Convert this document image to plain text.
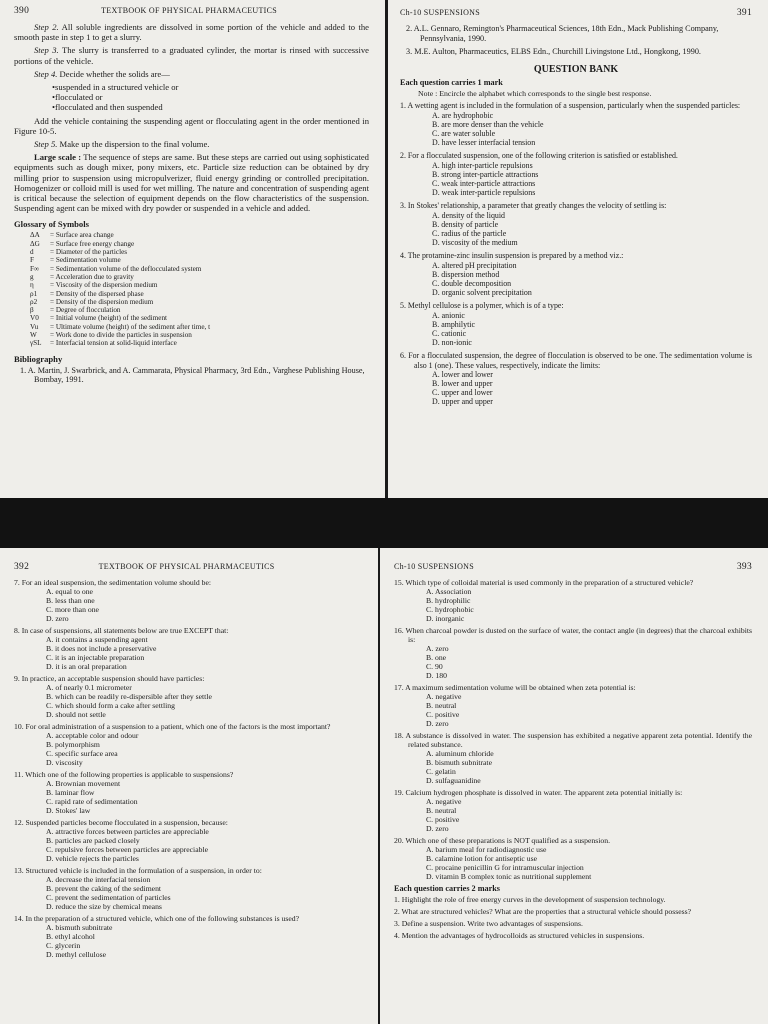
390	TEXTBOOK OF PHYSICAL PHARMACEUTICS

Step 2. All soluble ingredients are dissolved in some portion of the vehicle and added to the smooth paste in step 1 to get a slurry.

Step 3. The slurry is transferred to a graduated cylinder, the mortar is rinsed with successive portions of the vehicle.

Step 4. Decide whether the solids are—

• suspended in a structured vehicle or
• flocculated or
• flocculated and then suspended

Add the vehicle containing the suspending agent or flocculating agent in the order mentioned in Figure 10-5.

Step 5. Make up the dispersion to the final volume.

Large scale : The sequence of steps are same. But these steps are carried out using sophisticated equipments such as dough mixer, pony mixers, etc. Particle size reduction can be obtained by dry milling prior to suspension using micropulverizer, fluid energy grinding or controlled precipitation. Homogenizer or colloid mill is used for wet milling. The nature and concentration of suspending agent is critical because the selection of equipment depends on the flow characteristics of the suspension. Suspending agent can be mixed with dry powder or suspended in a vehicle and added.

Glossary of Symbols
ΔA	= Surface area change
ΔG	= Surface free energy change
d	= Diameter of the particles
F	= Sedimentation volume
F∞	= Sedimentation volume of the deflocculated system
g	= Acceleration due to gravity
η	= Viscosity of the dispersion medium
ρ1	= Density of the dispersed phase
ρ2	= Density of the dispersion medium
β	= Degree of flocculation
V0	= Initial volume (height) of the sediment
Vu	= Ultimate volume (height) of the sediment after time, t
W	= Work done to divide the particles in suspension
γSL	= Interfacial tension at solid-liquid interface
Bibliography
1. A. Martin, J. Swarbrick, and A. Cammarata, Physical Pharmacy, 3rd Edn., Varghese Publishing House, Bombay, 1991.
Ch-10 SUSPENSIONS	391
2. A.L. Gennaro, Remington's Pharmaceutical Sciences, 18th Edn., Mack Publishing Company, Pennsylvania, 1990.
3. M.E. Aulton, Pharmaceutics, ELBS Edn., Churchill Livingstone Ltd., Hongkong, 1990.
QUESTION BANK
Each question carries 1 mark
Note : Encircle the alphabet which corresponds to the single best response.
1. A wetting agent is included in the formulation of a suspension, particularly when the suspended particles:
A. are hydrophobic
B. are more denser than the vehicle
C. are water soluble
D. have lesser interfacial tension
2. For a flocculated suspension, one of the following criterion is satisfied or established.
A. high inter-particle repulsions
B. strong inter-particle attractions
C. weak inter-particle attractions
D. weak inter-particle repulsions
3. In Stokes' relationship, a parameter that greatly changes the velocity of settling is:
A. density of the liquid
B. density of particle
C. radius of the particle
D. viscosity of the medium
4. The protamine-zinc insulin suspension is prepared by a method viz.:
A. altered pH precipitation
B. dispersion method
C. double decomposition
D. organic solvent precipitation
5. Methyl cellulose is a polymer, which is of a type:
A. anionic
B. amphilytic
C. cationic
D. non-ionic
6. For a flocculated suspension, the degree of flocculation is observed to be one. The sedimentation volume is also 1 (one). These values, respectively, indicate the limits:
A. lower and lower
B. lower and upper
C. upper and lower
D. upper and upper
392	TEXTBOOK OF PHYSICAL PHARMACEUTICS
7. For an ideal suspension, the sedimentation volume should be:
A. equal to one
B. less than one
C. more than one
D. zero
8. In case of suspensions, all statements below are true EXCEPT that:
A. it contains a suspending agent
B. it does not include a preservative
C. it is an injectable preparation
D. it is an oral preparation
9. In practice, an acceptable suspension should have particles:
A. of nearly 0.1 micrometer
B. which can be readily re-dispersible after they settle
C. which should form a cake after settling
D. should not settle
10. For oral administration of a suspension to a patient, which one of the factors is the most important?
A. acceptable color and odour
B. polymorphism
C. specific surface area
D. viscosity
11. Which one of the following properties is applicable to suspensions?
A. Brownian movement
B. laminar flow
C. rapid rate of sedimentation
D. Stokes' law
12. Suspended particles become flocculated in a suspension, because:
A. attractive forces between particles are appreciable
B. particles are packed closely
C. repulsive forces between particles are appreciable
D. vehicle rejects the particles
13. Structured vehicle is included in the formulation of a suspension, in order to:
A. decrease the interfacial tension
B. prevent the caking of the sediment
C. prevent the sedimentation of particles
D. reduce the size by chemical means
14. In the preparation of a structured vehicle, which one of the following substances is used?
A. bismuth subnitrate
B. ethyl alcohol
C. glycerin
D. methyl cellulose
Ch-10 SUSPENSIONS	393
15. Which type of colloidal material is used commonly in the preparation of a structured vehicle?
A. Association
B. hydrophilic
C. hydrophobic
D. inorganic
16. When charcoal powder is dusted on the surface of water, the contact angle (in degrees) that the charcoal exhibits is:
A. zero
B. one
C. 90
D. 180
17. A maximum sedimentation volume will be obtained when zeta potential is:
A. negative
B. neutral
C. positive
D. zero
18. A substance is dissolved in water. The suspension has exhibited a negative apparent zeta potential. Identify the related substance.
A. aluminum chloride
B. bismuth subnitrate
C. gelatin
D. sulfaguanidine
19. Calcium hydrogen phosphate is dissolved in water. The apparent zeta potential initially is:
A. negative
B. neutral
C. positive
D. zero
20. Which one of these preparations is NOT qualified as a suspension.
A. barium meal for radiodiagnostic use
B. calamine lotion for antiseptic use
C. procaine penicillin G for intramuscular injection
D. vitamin B complex tonic as nutritional supplement
Each question carries 2 marks
1. Highlight the role of free energy curves in the development of suspension technology.
2. What are structured vehicles? What are the properties that a structural vehicle should possess?
3. Define a suspension. Write two advantages of suspensions.
4. Mention the advantages of hydrocolloids as structured vehicles in suspensions.
